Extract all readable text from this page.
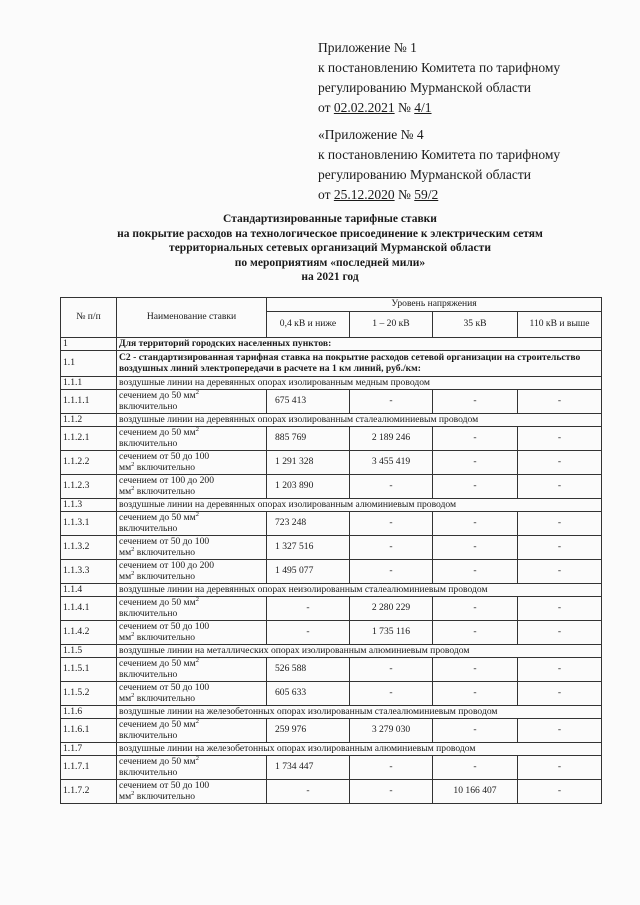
Приложение № 1
к постановлению Комитета по тарифному
регулированию Мурманской области
от 02.02.2021 № 4/1
«Приложение № 4
к постановлению Комитета по тарифному
регулированию Мурманской области
от 25.12.2020 № 59/2
Стандартизированные тарифные ставки
на покрытие расходов на технологическое присоединение к электрическим сетям
территориальных сетевых организаций Мурманской области
по мероприятиям «последней мили»
на 2021 год
№ п/п	Наименование ставки	Уровень напряжения			
		0,4 кВ и ниже	1 – 20 кВ	35 кВ	110 кВ и выше
1	Для территорий городских населенных пунктов:				
1.1	С2 - стандартизированная тарифная ставка на покрытие расходов сетевой организации на строительство воздушных линий электропередачи в расчете на 1 км линий, руб./км:				
1.1.1	воздушные линии на деревянных опорах изолированным медным проводом				
1.1.1.1	сечением до 50 $мм^2$
включительно	675 413	-	-	-
1.1.2	воздушные линии на деревянных опорах изолированным сталеалюминиевым проводом				
1.1.2.1	сечением до 50 $мм^2$
включительно	885 769	2 189 246	-	-
1.1.2.2	сечением от 50 до 100
$мм^2$ включительно	1 291 328	3 455 419	-	-
1.1.2.3	сечением от 100 до 200
$мм^2$ включительно	1 203 890	-	-	-
1.1.3	воздушные линии на деревянных опорах изолированным алюминиевым проводом				
1.1.3.1	сечением до 50 $мм^2$
включительно	723 248	-	-	-
1.1.3.2	сечением от 50 до 100
$мм^2$ включительно	1 327 516	-	-	-
1.1.3.3	сечением от 100 до 200
$мм^2$ включительно	1 495 077	-	-	-
1.1.4	воздушные линии на деревянных опорах неизолированным сталеалюминиевым проводом				
1.1.4.1	сечением до 50 $мм^2$
включительно	-	2 280 229	-	-
1.1.4.2	сечением от 50 до 100
$мм^2$ включительно	-	1 735 116	-	-
1.1.5	воздушные линии на металлических опорах изолированным алюминиевым проводом				
1.1.5.1	сечением до 50 $мм^2$
включительно	526 588	-	-	-
1.1.5.2	сечением от 50 до 100
$мм^2$ включительно	605 633	-	-	-
1.1.6	воздушные линии на железобетонных опорах изолированным сталеалюминиевым проводом				
1.1.6.1	сечением до 50 $мм^2$
включительно	259 976	3 279 030	-	-
1.1.7	воздушные линии на железобетонных опорах изолированным алюминиевым проводом				
1.1.7.1	сечением до 50 $мм^2$
включительно	1 734 447	-	-	-
1.1.7.2	сечением от 50 до 100
$мм^2$ включительно	-	-	10 166 407	-
